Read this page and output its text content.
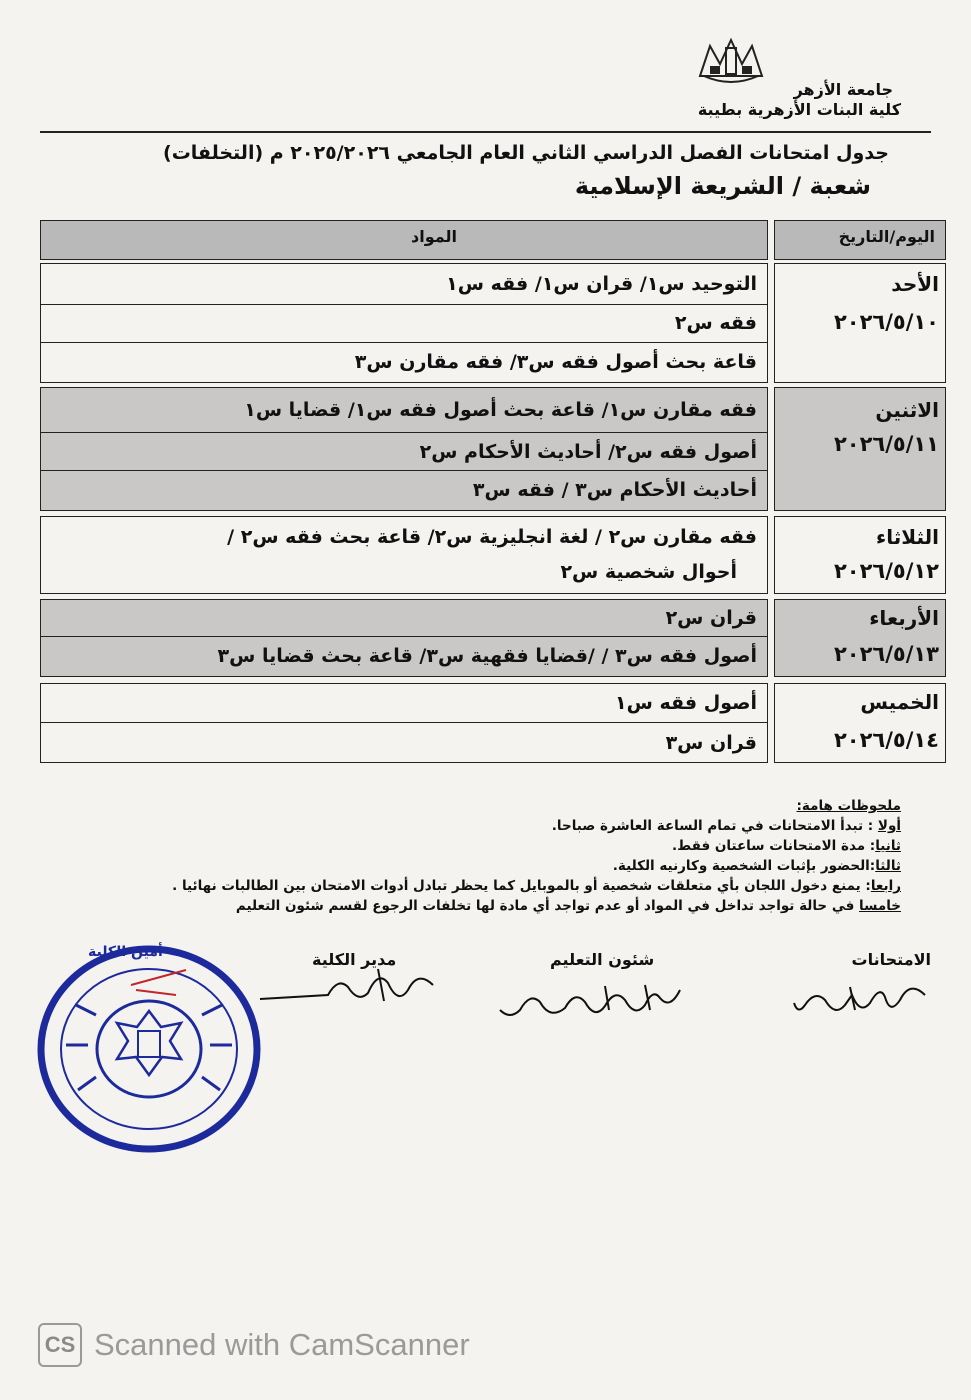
جامعة الأزهر
كلية البنات الأزهرية بطيبة
جدول امتحانات الفصل الدراسي الثاني العام الجامعي ٢٠٢٥/٢٠٢٦ م (التخلفات)
شعبة / الشريعة الإسلامية
اليوم/التاريخ
المواد
الأحد
٢٠٢٦/٥/١٠
التوحيد س١/ قران س١/ فقه س١
فقه س٢
قاعة بحث أصول فقه س٣/ فقه مقارن س٣
الاثنين
٢٠٢٦/٥/١١
فقه مقارن س١/ قاعة بحث أصول فقه س١/ قضايا س١
أصول فقه س٢/ أحاديث الأحكام س٢
أحاديث الأحكام س٣ / فقه س٣
الثلاثاء
٢٠٢٦/٥/١٢
فقه مقارن س٢ / لغة انجليزية س٢/ قاعة بحث فقه س٢ /
أحوال شخصية س٢
الأربعاء
٢٠٢٦/٥/١٣
قران س٢
أصول فقه س٣ / /قضايا فقهية س٣/ قاعة بحث قضايا س٣
الخميس
٢٠٢٦/٥/١٤
أصول فقه س١
قران س٣
ملحوظات هامة:
أولا : تبدأ الامتحانات في تمام الساعة العاشرة صباحا.
ثانيا: مدة الامتحانات ساعتان فقط.
ثالثا:الحضور بإثبات الشخصية وكارنيه الكلية.
رابعا: يمنع دخول اللجان بأي متعلقات شخصية أو بالموبايل كما يحظر تبادل أدوات الامتحان بين الطالبات نهائيا .
خامسا في حالة تواجد تداخل في المواد أو عدم تواجد أي مادة لها تخلفات الرجوع لقسم شئون التعليم
الامتحانات
شئون التعليم
مدير الكلية
أمين الكلية
CS Scanned with CamScanner
